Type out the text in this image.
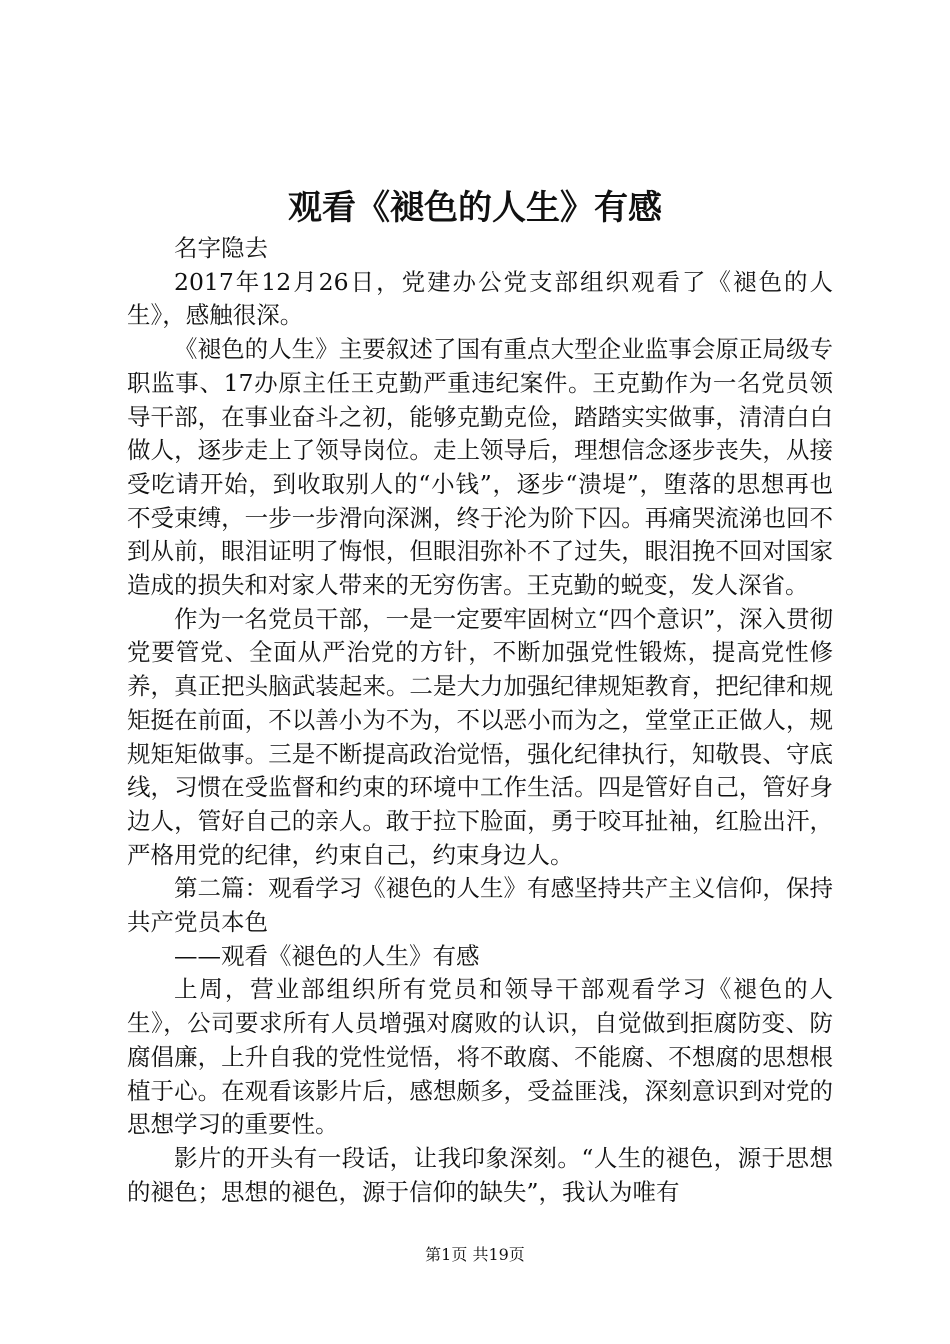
观看《褪色的人生》有感

名字隐去

2017年12月26日，党建办公党支部组织观看了《褪色的人生》，感触很深。

《褪色的人生》主要叙述了国有重点大型企业监事会原正局级专职监事、17办原主任王克勤严重违纪案件。王克勤作为一名党员领导干部，在事业奋斗之初，能够克勤克俭，踏踏实实做事，清清白白做人，逐步走上了领导岗位。走上领导后，理想信念逐步丧失，从接受吃请开始，到收取别人的“小钱”，逐步“溃堤”，堕落的思想再也不受束缚，一步一步滑向深渊，终于沦为阶下囚。再痛哭流涕也回不到从前，眼泪证明了悔恨，但眼泪弥补不了过失，眼泪挽不回对国家造成的损失和对家人带来的无穷伤害。王克勤的蜕变，发人深省。

作为一名党员干部，一是一定要牢固树立“四个意识”，深入贯彻党要管党、全面从严治党的方针，不断加强党性锻炼，提高党性修养，真正把头脑武装起来。二是大力加强纪律规矩教育，把纪律和规矩挺在前面，不以善小为不为，不以恶小而为之，堂堂正正做人，规规矩矩做事。三是不断提高政治觉悟，强化纪律执行，知敬畏、守底线，习惯在受监督和约束的环境中工作生活。四是管好自己，管好身边人，管好自己的亲人。敢于拉下脸面，勇于咬耳扯袖，红脸出汗，严格用党的纪律，约束自己，约束身边人。

第二篇：观看学习《褪色的人生》有感坚持共产主义信仰，保持共产党员本色

——观看《褪色的人生》有感

上周，营业部组织所有党员和领导干部观看学习《褪色的人生》，公司要求所有人员增强对腐败的认识，自觉做到拒腐防变、防腐倡廉，上升自我的党性觉悟，将不敢腐、不能腐、不想腐的思想根植于心。在观看该影片后，感想颇多，受益匪浅，深刻意识到对党的思想学习的重要性。

影片的开头有一段话，让我印象深刻。“人生的褪色，源于思想的褪色；思想的褪色，源于信仰的缺失”，我认为唯有

第1页 共19页
